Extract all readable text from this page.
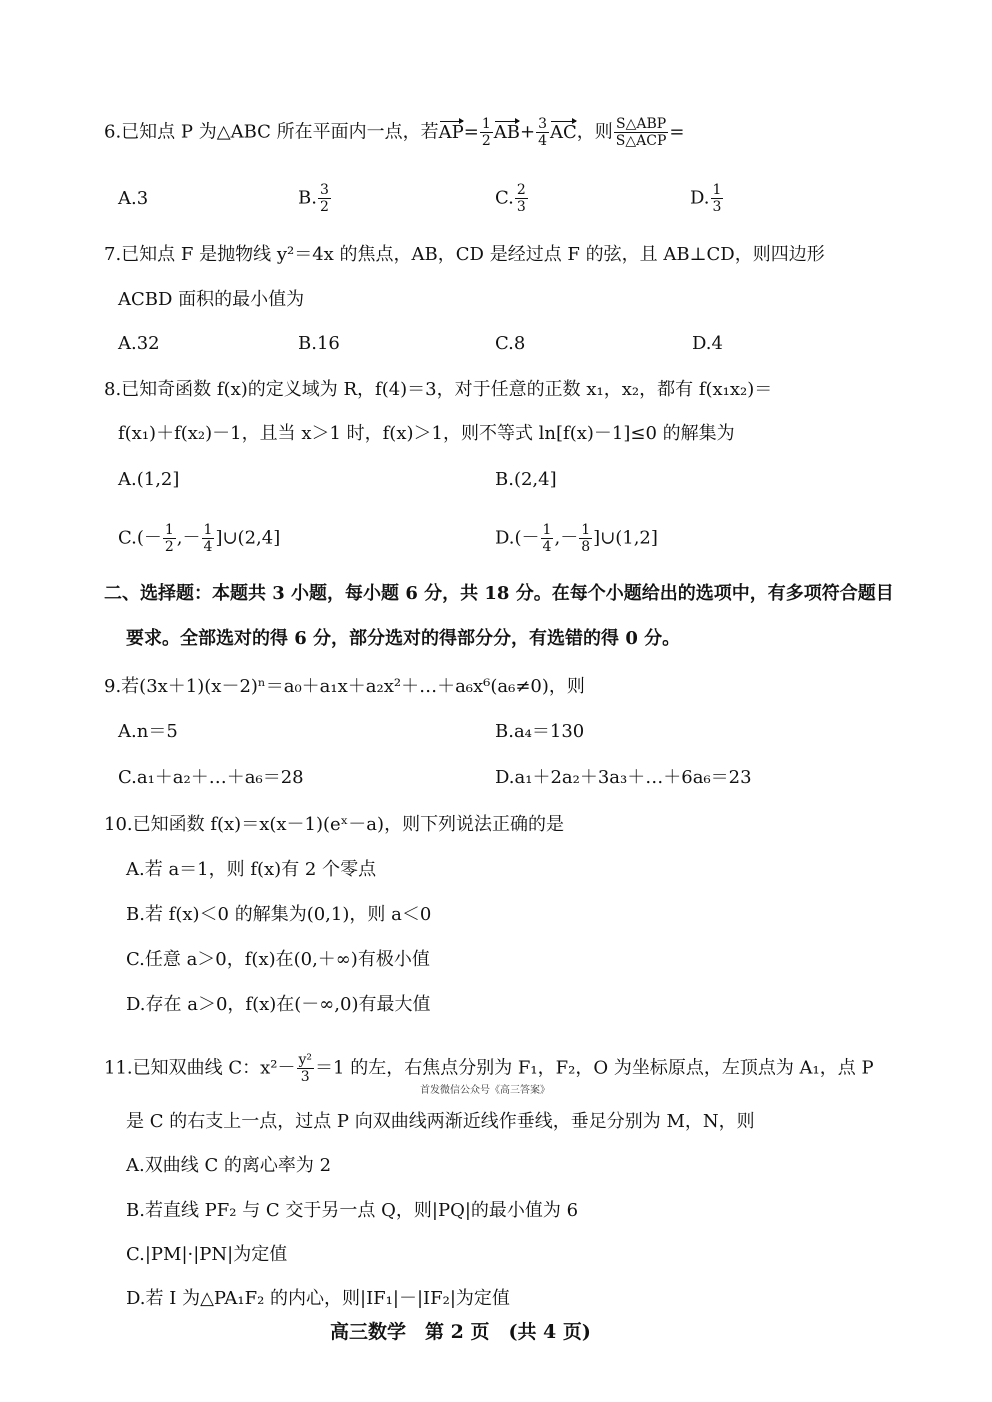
6.已知点 P 为△ABC 所在平面内一点，若$AP= \frac{1}{2} AB+ \frac{3}{4}$ AC，则 $\frac{\text{S△ABP}}{\text{S△ACP}}$ =
A.3	B. $\frac{3}{2}$	C. $\frac{2}{3}$	D. $\frac{1}{3}$
7.已知点 F 是抛物线 y²＝4x 的焦点，AB，CD 是经过点 F 的弦，且 AB⊥CD，则四边形
ACBD 面积的最小值为
A.32	B.16	C.8	D.4
8.已知奇函数 f(x)的定义域为 R，f(4)＝3，对于任意的正数 x₁，x₂，都有 f(x₁x₂)＝
f(x₁)＋f(x₂)－1，且当 x＞1 时，f(x)＞1，则不等式 ln[f(x)－1]≤0 的解集为
A.(1,2]	B.(2,4]
$C.(- \frac{1}{2}$ ,－ $\frac{1}{4}$ ]∪(2,4]	$D.(- \frac{1}{4}$ ,－ $\frac{1}{8}$ ]∪(1,2]
二、选择题：本题共 3 小题，每小题 6 分，共 18 分。在每个小题给出的选项中，有多项符合题目
要求。全部选对的得 6 分，部分选对的得部分分，有选错的得 0 分。
9.若(3x＋1)(x－2)ⁿ＝a₀＋a₁x＋a₂x²＋…＋a₆x⁶(a₆≠0)，则
A.n＝5	B.a₄＝130
C.a₁＋a₂＋…＋a₆＝28	D.a₁＋2a₂＋3a₃＋…＋6a₆＝23
10.已知函数 f(x)＝x(x－1)(eˣ－a)，则下列说法正确的是
A.若 a＝1，则 f(x)有 2 个零点
B.若 f(x)＜0 的解集为(0,1)，则 a＜0
C.任意 a＞0，f(x)在(0,＋∞)有极小值
D.存在 a＞0，f(x)在(－∞,0)有最大值
11.已知双曲线 C：$x^2- \frac{\text{y²}}{3} =1$ 的左，右焦点分别为 F₁，F₂，O 为坐标原点，左顶点为 A₁，点 P
首发微信公众号《高三答案》
是 C 的右支上一点，过点 P 向双曲线两渐近线作垂线，垂足分别为 M，N，则
A.双曲线 C 的离心率为 2
B.若直线 PF₂ 与 C 交于另一点 Q，则|PQ|的最小值为 6
C.|PM|·|PN|为定值
D.若 I 为△PA₁F₂ 的内心，则|IF₁|－|IF₂|为定值
高三数学　第 2 页　(共 4 页)
